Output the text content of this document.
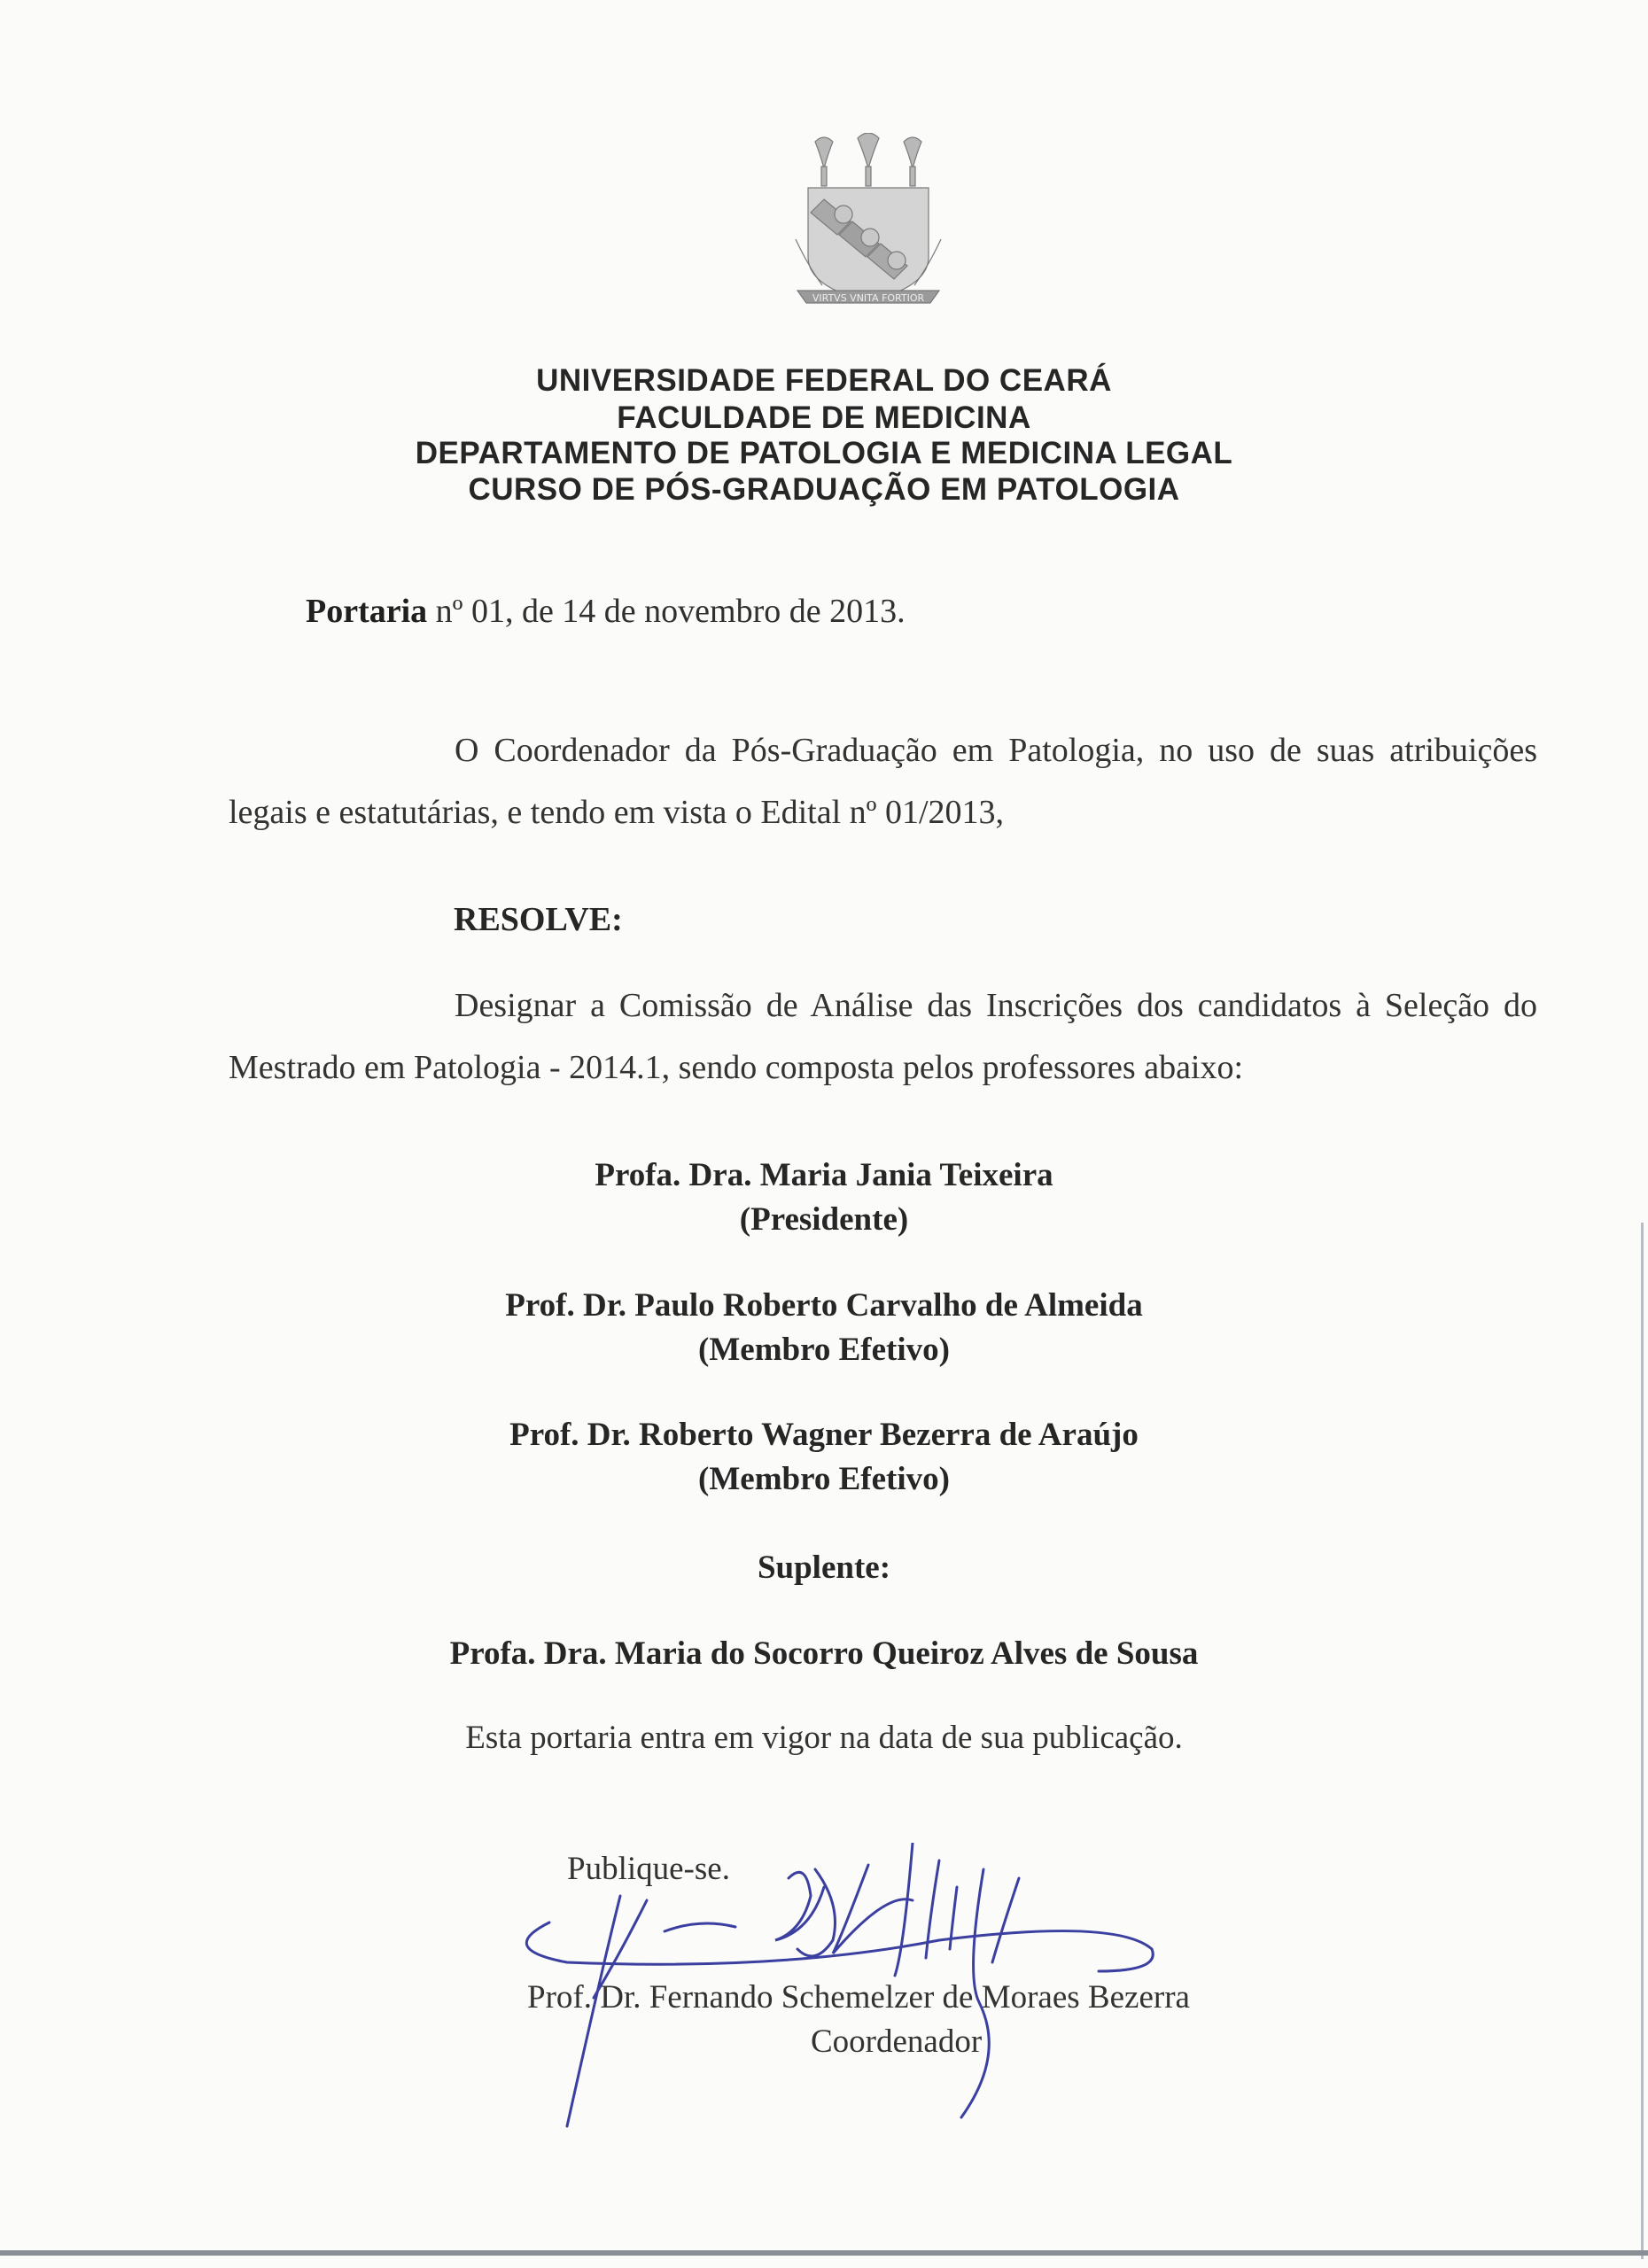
VIRTVS VNITA FORTIOR
UNIVERSIDADE FEDERAL DO CEARÁ
FACULDADE DE MEDICINA
DEPARTAMENTO DE PATOLOGIA E MEDICINA LEGAL
CURSO DE PÓS-GRADUAÇÃO EM PATOLOGIA
Portaria nº 01, de 14 de novembro de 2013.
O Coordenador da Pós-Graduação em Patologia, no uso de suas atribuições legais e estatutárias, e tendo em vista o Edital nº 01/2013,
RESOLVE:
Designar a Comissão de Análise das Inscrições dos candidatos à Seleção do Mestrado em Patologia - 2014.1, sendo composta pelos professores abaixo:
Profa. Dra. Maria Jania Teixeira
(Presidente)
Prof. Dr. Paulo Roberto Carvalho de Almeida
(Membro Efetivo)
Prof. Dr. Roberto Wagner Bezerra de Araújo
(Membro Efetivo)
Suplente:
Profa. Dra. Maria do Socorro Queiroz Alves de Sousa
Esta portaria entra em vigor na data de sua publicação.
Publique-se.
Prof. Dr. Fernando Schemelzer de Moraes Bezerra
Coordenador
